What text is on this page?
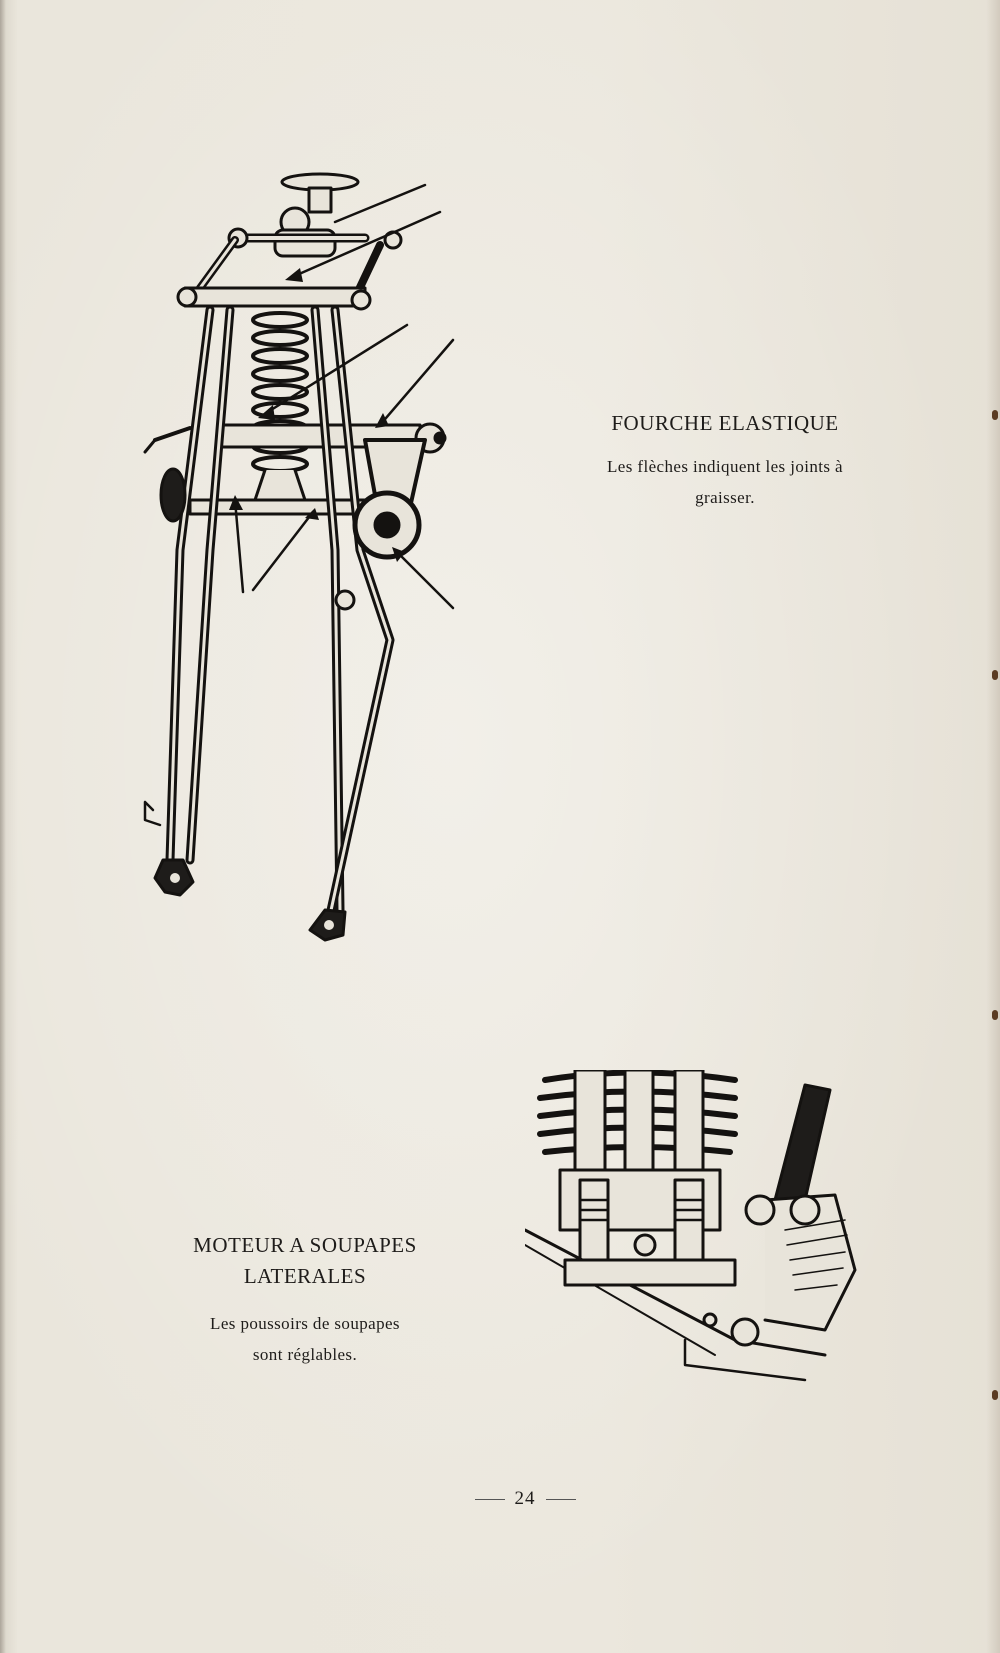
FOURCHE ELASTIQUE

Les flèches indiquent les joints à
graisser.

MOTEUR A SOUPAPES
LATERALES

Les poussoirs de soupapes
sont réglables.

24
